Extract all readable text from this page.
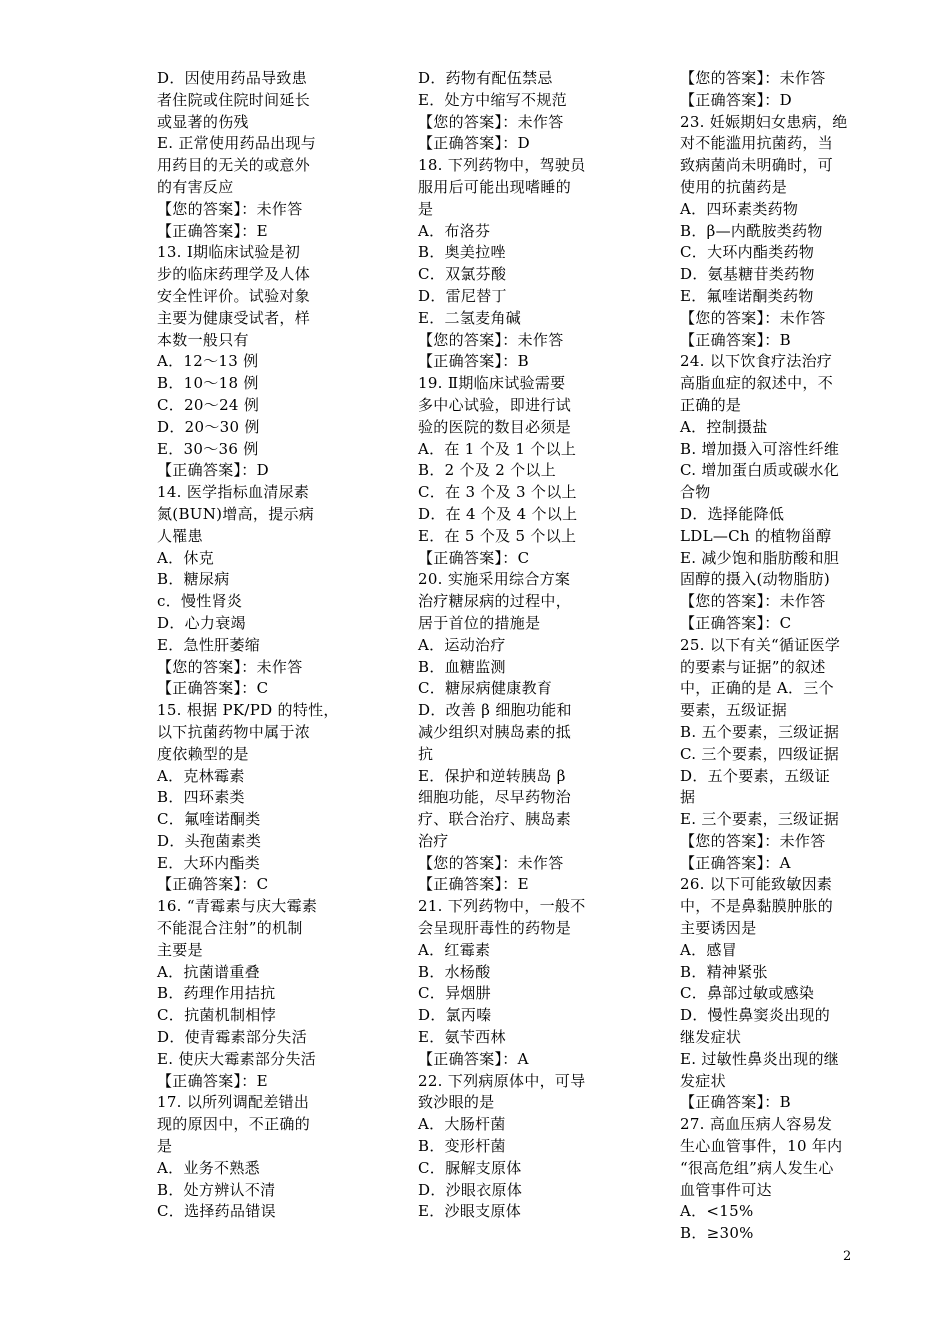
D．因使用药品导致患
者住院或住院时间延长
或显著的伤残
E. 正常使用药品出现与
用药目的无关的或意外
的有害反应
【您的答案】：未作答
【正确答案】：E
13. Ⅰ期临床试验是初
步的临床药理学及人体
安全性评价。试验对象
主要为健康受试者，样
本数一般只有
A．12～13 例
B．10～18 例
C．20～24 例
D．20～30 例
E．30～36 例
【正确答案】：D
14. 医学指标血清尿素
氮(BUN)增高，提示病
人罹患
A．休克
B．糖尿病
c．慢性肾炎
D．心力衰竭
E．急性肝萎缩
【您的答案】：未作答
【正确答案】：C
15. 根据 PK/PD 的特性，
以下抗菌药物中属于浓
度依赖型的是
A．克林霉素
B．四环素类
C．氟喹诺酮类
D．头孢菌素类
E．大环内酯类
【正确答案】：C
16. “青霉素与庆大霉素
不能混合注射”的机制
主要是
A．抗菌谱重叠
B．药理作用拮抗
C．抗菌机制相悖
D．使青霉素部分失活
E. 使庆大霉素部分失活
【正确答案】：E
17. 以所列调配差错出
现的原因中，不正确的
是
A．业务不熟悉
B．处方辨认不清
C．选择药品错误
D．药物有配伍禁忌
E．处方中缩写不规范
【您的答案】：未作答
【正确答案】：D
18. 下列药物中，驾驶员
服用后可能出现嗜睡的
是
A．布洛芬
B．奥美拉唑
C．双氯芬酸
D．雷尼替丁
E．二氢麦角碱
【您的答案】：未作答
【正确答案】：B
19. Ⅱ期临床试验需要
多中心试验，即进行试
验的医院的数目必须是
A．在 1 个及 1 个以上
B．2 个及 2 个以上
C．在 3 个及 3 个以上
D．在 4 个及 4 个以上
E．在 5 个及 5 个以上
【正确答案】：C
20. 实施采用综合方案
治疗糖尿病的过程中，
居于首位的措施是
A．运动治疗
B．血糖监测
C．糖尿病健康教育
D．改善 β 细胞功能和
减少组织对胰岛素的抵
抗
E．保护和逆转胰岛 β
细胞功能，尽早药物治
疗、联合治疗、胰岛素
治疗
【您的答案】：未作答
【正确答案】：E
21. 下列药物中，一般不
会呈现肝毒性的药物是
A．红霉素
B．水杨酸
C．异烟肼
D．氯丙嗪
E．氨苄西林
【正确答案】：A
22. 下列病原体中，可导
致沙眼的是
A．大肠杆菌
B．变形杆菌
C．脲解支原体
D．沙眼衣原体
E．沙眼支原体
【您的答案】：未作答
【正确答案】：D
23. 妊娠期妇女患病，绝
对不能滥用抗菌药，当
致病菌尚未明确时，可
使用的抗菌药是
A．四环素类药物
B．β—内酰胺类药物
C．大环内酯类药物
D．氨基糖苷类药物
E．氟喹诺酮类药物
【您的答案】：未作答
【正确答案】：B
24. 以下饮食疗法治疗
高脂血症的叙述中，不
正确的是
A．控制摄盐
B. 增加摄入可溶性纤维
C. 增加蛋白质或碳水化
合物
D．选择能降低
LDL—Ch 的植物甾醇
E. 减少饱和脂肪酸和胆
固醇的摄入(动物脂肪)
【您的答案】：未作答
【正确答案】：C
25. 以下有关“循证医学
的要素与证据”的叙述
中，正确的是 A．三个
要素，五级证据
B. 五个要素，三级证据
C. 三个要素，四级证据
D．五个要素，五级证
据
E. 三个要素，三级证据
【您的答案】：未作答
【正确答案】：A
26. 以下可能致敏因素
中，不是鼻黏膜肿胀的
主要诱因是
A．感冒
B．精神紧张
C．鼻部过敏或感染
D．慢性鼻窦炎出现的
继发症状
E. 过敏性鼻炎出现的继
发症状
【正确答案】：B
27. 高血压病人容易发
生心血管事件，10 年内
“很高危组”病人发生心
血管事件可达
A．<15%
B．≥30%
2
